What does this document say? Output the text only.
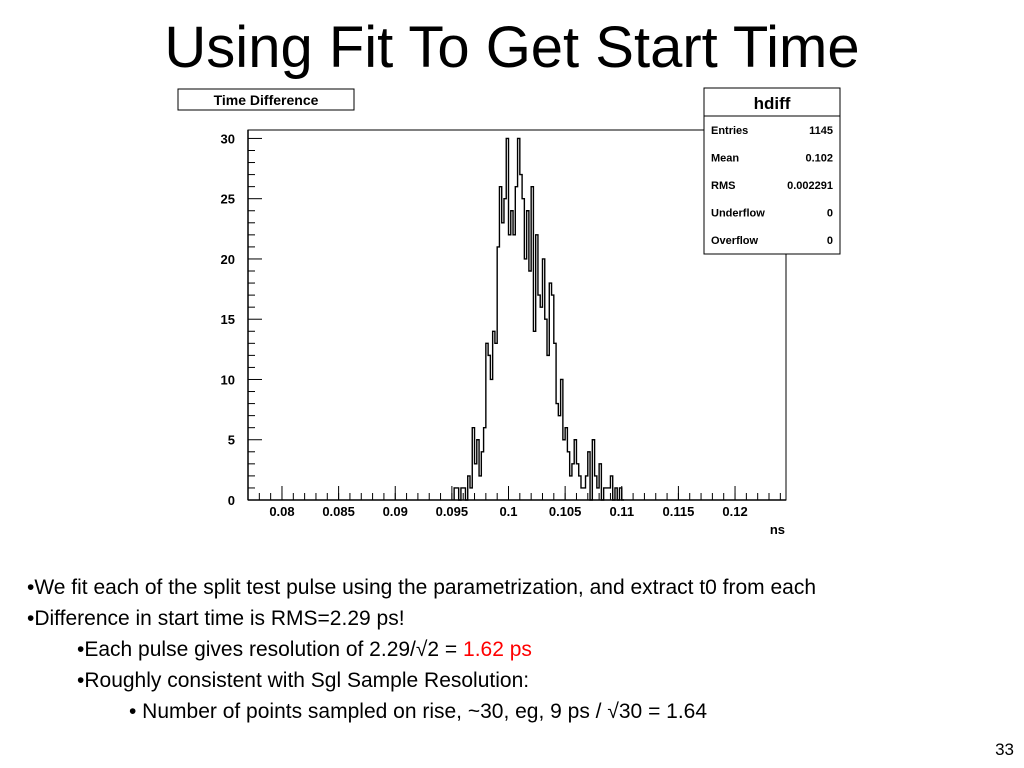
Using Fit To Get Start Time
0
5
10
15
20
25
30
0.08 0.085 0.09 0.095 0.1 0.105 0.11 0.115 0.12
ns
Time Difference	hdiff
Entries	1145
Mean	0.102
RMS	0.002291
Underflow	0
Overflow	0
•We fit each of the split test pulse using the parametrization, and extract t0 from each
•Difference in start time is RMS=2.29 ps!
•Each pulse gives resolution of 2.29/√2 = 1.62 ps
•Roughly consistent with Sgl Sample Resolution:
• Number of points sampled on rise, ~30, eg, 9 ps / √30 = 1.64
33
